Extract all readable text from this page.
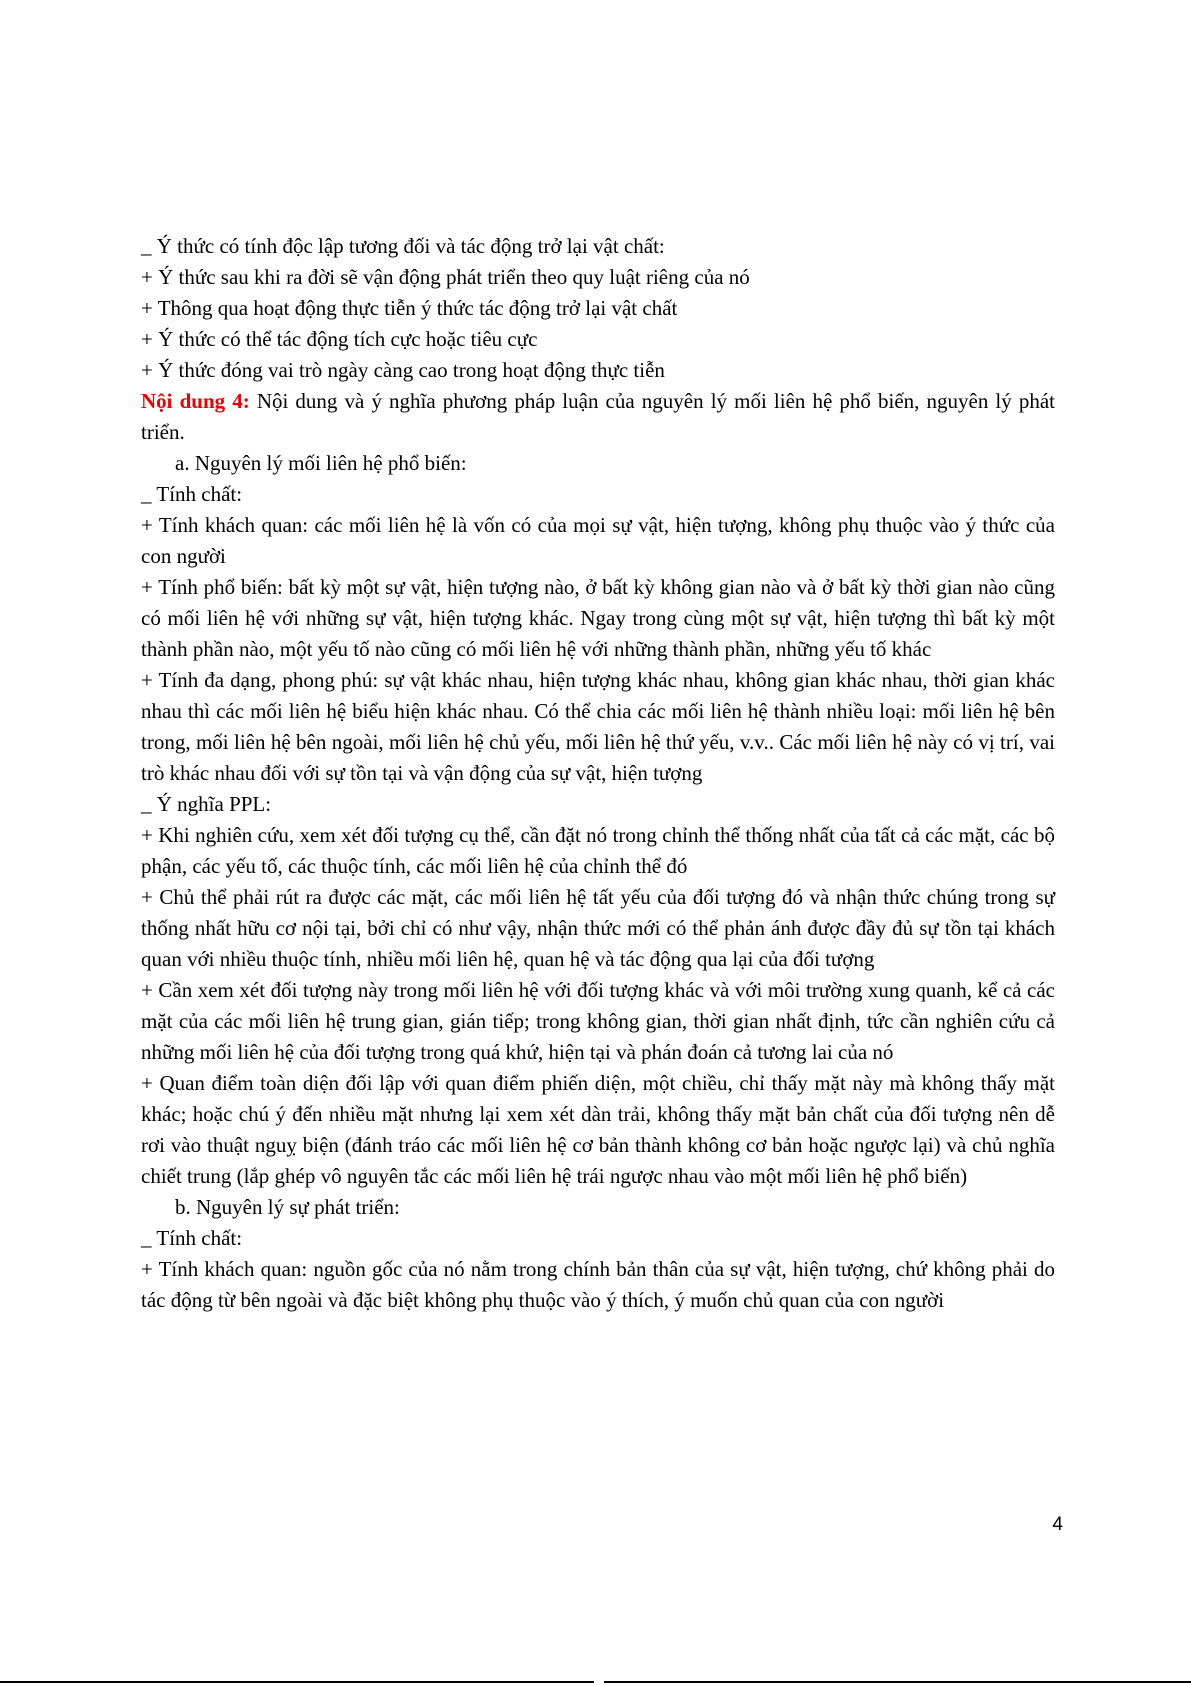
_ Ý thức có tính độc lập tương đối và tác động trở lại vật chất:

+ Ý thức sau khi ra đời sẽ vận động phát triển theo quy luật riêng của nó

+ Thông qua hoạt động thực tiễn ý thức tác động trở lại vật chất

+ Ý thức có thể tác động tích cực hoặc tiêu cực

+ Ý thức đóng vai trò ngày càng cao trong hoạt động thực tiễn

Nội dung 4: Nội dung và ý nghĩa phương pháp luận của nguyên lý mối liên hệ phổ biến, nguyên lý phát triển.

a. Nguyên lý mối liên hệ phổ biến:

_ Tính chất:

+ Tính khách quan: các mối liên hệ là vốn có của mọi sự vật, hiện tượng, không phụ thuộc vào ý thức của con người

+ Tính phổ biến: bất kỳ một sự vật, hiện tượng nào, ở bất kỳ không gian nào và ở bất kỳ thời gian nào cũng có mối liên hệ với những sự vật, hiện tượng khác. Ngay trong cùng một sự vật, hiện tượng thì bất kỳ một thành phần nào, một yếu tố nào cũng có mối liên hệ với những thành phần, những yếu tố khác

+ Tính đa dạng, phong phú: sự vật khác nhau, hiện tượng khác nhau, không gian khác nhau, thời gian khác nhau thì các mối liên hệ biểu hiện khác nhau. Có thể chia các mối liên hệ thành nhiều loại: mối liên hệ bên trong, mối liên hệ bên ngoài, mối liên hệ chủ yếu, mối liên hệ thứ yếu, v.v.. Các mối liên hệ này có vị trí, vai trò khác nhau đối với sự tồn tại và vận động của sự vật, hiện tượng

_ Ý nghĩa PPL:

+ Khi nghiên cứu, xem xét đối tượng cụ thể, cần đặt nó trong chỉnh thể thống nhất của tất cả các mặt, các bộ phận, các yếu tố, các thuộc tính, các mối liên hệ của chỉnh thể đó

+ Chủ thể phải rút ra được các mặt, các mối liên hệ tất yếu của đối tượng đó và nhận thức chúng trong sự thống nhất hữu cơ nội tại, bởi chỉ có như vậy, nhận thức mới có thể phản ánh được đầy đủ sự tồn tại khách quan với nhiều thuộc tính, nhiều mối liên hệ, quan hệ và tác động qua lại của đối tượng

+ Cần xem xét đối tượng này trong mối liên hệ với đối tượng khác và với môi trường xung quanh, kể cả các mặt của các mối liên hệ trung gian, gián tiếp; trong không gian, thời gian nhất định, tức cần nghiên cứu cả những mối liên hệ của đối tượng trong quá khứ, hiện tại và phán đoán cả tương lai của nó

+ Quan điểm toàn diện đối lập với quan điểm phiến diện, một chiều, chỉ thấy mặt này mà không thấy mặt khác; hoặc chú ý đến nhiều mặt nhưng lại xem xét dàn trải, không thấy mặt bản chất của đối tượng nên dễ rơi vào thuật nguỵ biện (đánh tráo các mối liên hệ cơ bản thành không cơ bản hoặc ngược lại) và chủ nghĩa chiết trung (lắp ghép vô nguyên tắc các mối liên hệ trái ngược nhau vào một mối liên hệ phổ biến)

b. Nguyên lý sự phát triển:

_ Tính chất:

+ Tính khách quan: nguồn gốc của nó nằm trong chính bản thân của sự vật, hiện tượng, chứ không phải do tác động từ bên ngoài và đặc biệt không phụ thuộc vào ý thích, ý muốn chủ quan của con người

4
